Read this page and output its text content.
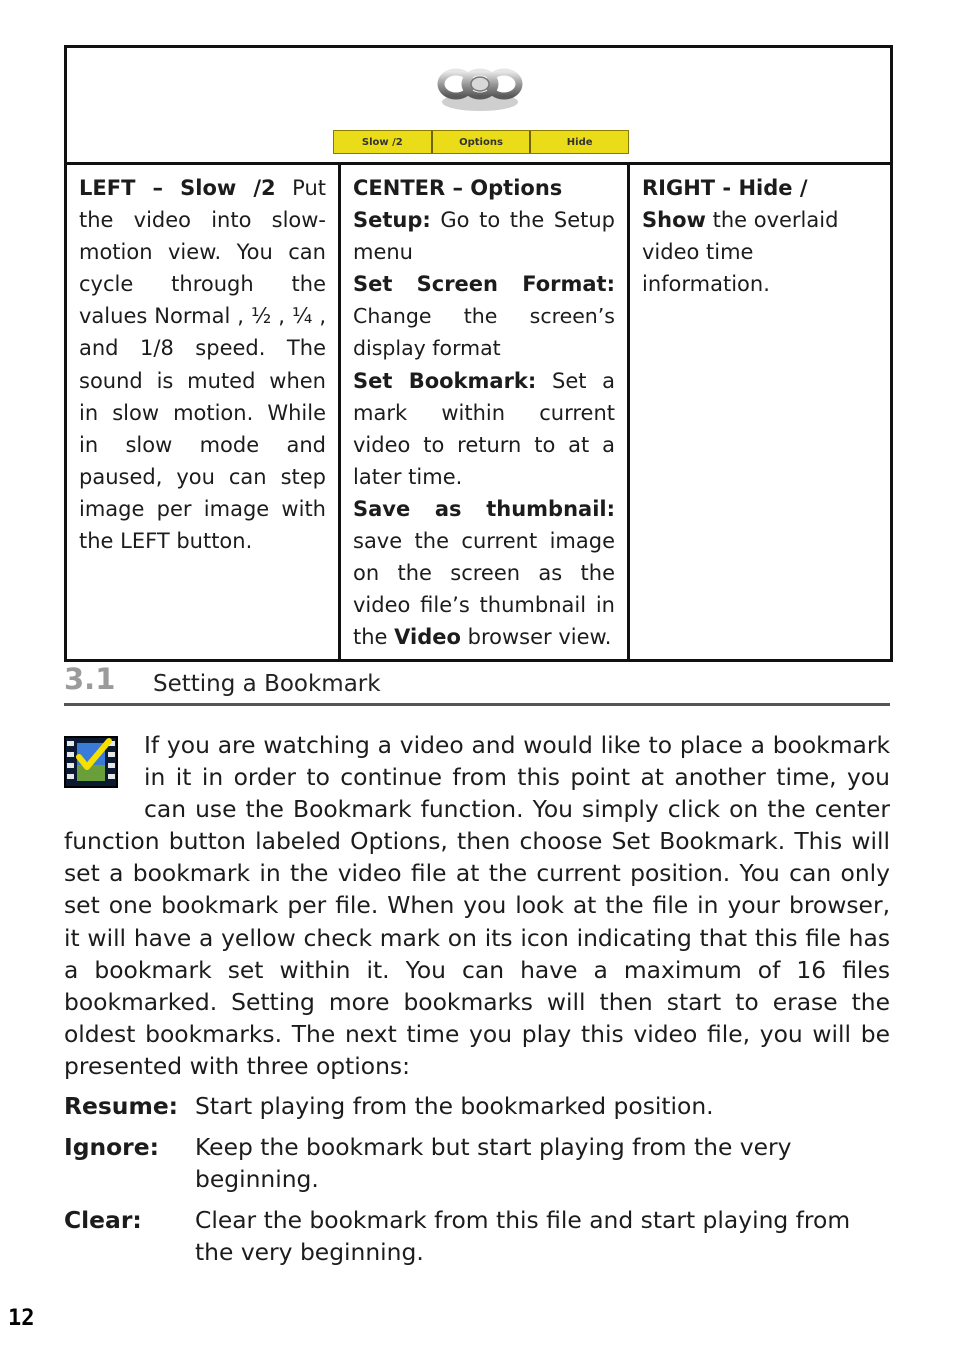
Slow /2	Options	Hide

LEFT – Slow /2 Put the video into slow-motion view. You can cycle through the values Normal , ½ , ¼ , and 1/8 speed. The sound is muted when in slow motion. While in slow mode and paused, you can step image per image with the LEFT button.

CENTER – Options

Setup: Go to the Setup menu

Set Screen Format: Change the screen’s display format

Set Bookmark: Set a mark within current video to return to at a later time.

Save as thumbnail: save the current image on the screen as the video file’s thumbnail in the Video browser view.

RIGHT - Hide / Show the overlaid video time information.

3.1 Setting a Bookmark

If you are watching a video and would like to place a bookmark in it in order to continue from this point at another time, you can use the Bookmark function. You simply click on the center function button labeled Options, then choose Set Bookmark. This will set a bookmark in the video file at the current position. You can only set one bookmark per file. When you look at the file in your browser, it will have a yellow check mark on its icon indicating that this file has a bookmark set within it. You can have a maximum of 16 files bookmarked. Setting more bookmarks will then start to erase the oldest bookmarks. The next time you play this video file, you will be presented with three options:

Resume: Start playing from the bookmarked position.
Ignore: Keep the bookmark but start playing from the very beginning.
Clear: Clear the bookmark from this file and start playing from the very beginning.
12
